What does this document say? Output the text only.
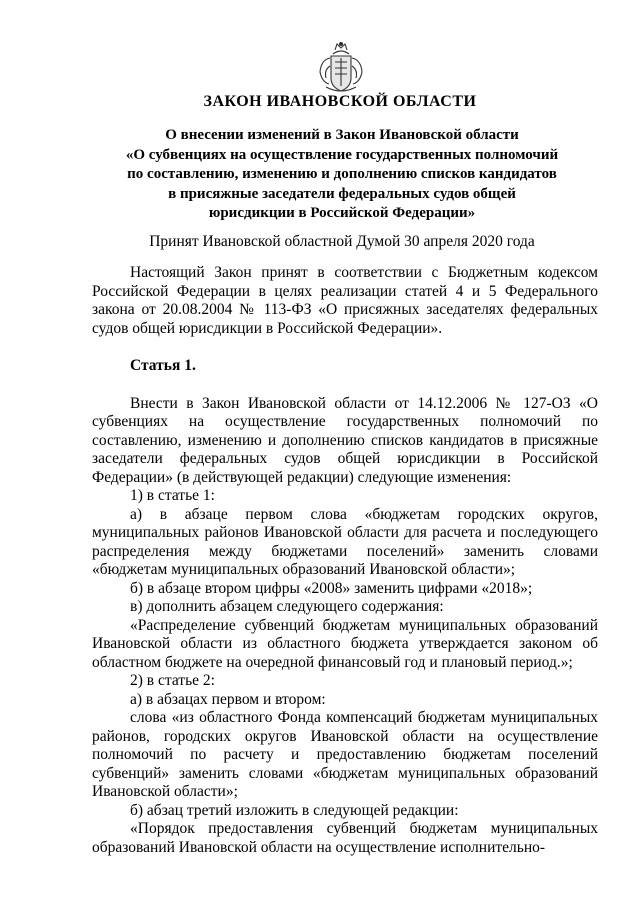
ЗАКОН ИВАНОВСКОЙ ОБЛАСТИ
О внесении изменений в Закон Ивановской области
«О субвенциях на осуществление государственных полномочий
по составлению, изменению и дополнению списков кандидатов
в присяжные заседатели федеральных судов общей
юрисдикции в Российской Федерации»
Принят Ивановской областной Думой 30 апреля 2020 года

Настоящий Закон принят в соответствии с Бюджетным кодексом Российской Федерации в целях реализации статей 4 и 5 Федерального закона от 20.08.2004 № 113-ФЗ «О присяжных заседателях федеральных судов общей юрисдикции в Российской Федерации».

Статья 1.

Внести в Закон Ивановской области от 14.12.2006 № 127-ОЗ «О субвенциях на осуществление государственных полномочий по составлению, изменению и дополнению списков кандидатов в присяжные заседатели федеральных судов общей юрисдикции в Российской Федерации» (в действующей редакции) следующие изменения:

1) в статье 1:

а) в абзаце первом слова «бюджетам городских округов, муниципальных районов Ивановской области для расчета и последующего распределения между бюджетами поселений» заменить словами «бюджетам муниципальных образований Ивановской области»;

б) в абзаце втором цифры «2008» заменить цифрами «2018»;

в) дополнить абзацем следующего содержания:

«Распределение субвенций бюджетам муниципальных образований Ивановской области из областного бюджета утверждается законом об областном бюджете на очередной финансовый год и плановый период.»;

2) в статье 2:

а) в абзацах первом и втором:

слова «из областного Фонда компенсаций бюджетам муниципальных районов, городских округов Ивановской области на осуществление полномочий по расчету и предоставлению бюджетам поселений субвенций» заменить словами «бюджетам муниципальных образований Ивановской области»;

б) абзац третий изложить в следующей редакции:

«Порядок предоставления субвенций бюджетам муниципальных образований Ивановской области на осуществление исполнительно-
